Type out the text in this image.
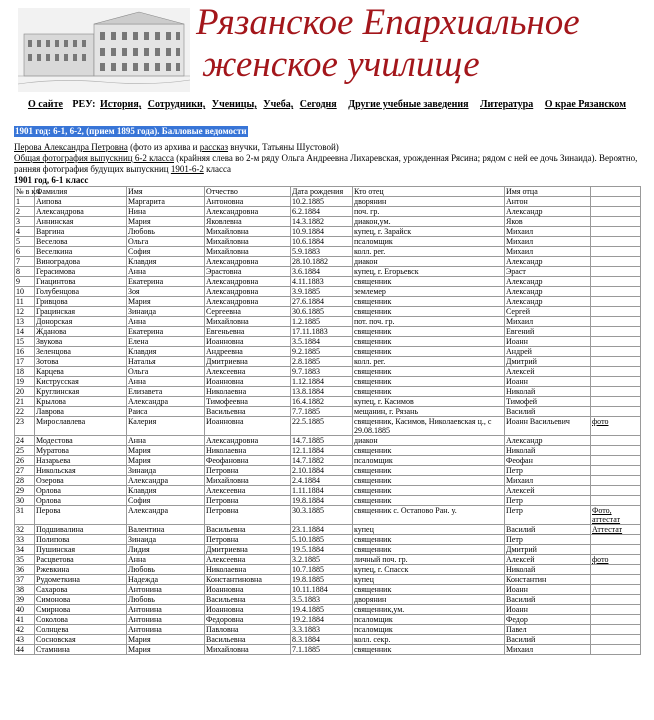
Рязанское Епархиальное
женское училище
О сайте РЕУ: История, Сотрудники, Ученицы, Учеба, Сегодня Другие учебные заведения Литература О крае Рязанском

1901 год: 6-1, 6-2, (прием 1895 года). Балловые ведомости

Перова Александра Петровна (фото из архива и рассказ внучки, Татьяны Шустовой)

Общая фотография выпускниц 6-2 класса (крайняя слева во 2-м ряду Ольга Андреевна Лихаревская, урожденная Рясина; рядом с ней ее дочь Зинаида). Вероятно, ранняя фотография будущих выпускниц 1901-6-2 класса

1901 год, 6-1 класс

№ в кл.	Фамилия	Имя	Отчество	Дата рождения	Кто отец	Имя отца	
1	Аипова	Маргарита	Антоновна	10.2.1885	дворянин	Антон	
2	Александрова	Нина	Александровна	6.2.1884	поч. гр.	Александр	
3	Аннинская	Мария	Яковлевна	14.3.1882	диакон,ум.	Яков	
4	Варгина	Любовь	Михайловна	10.9.1884	купец, г. Зарайск	Михаил	
5	Веселова	Ольга	Михайловна	10.6.1884	псаломщик	Михаил	
6	Веселкина	София	Михайловна	5.9.1883	колл. рег.	Михаил	
7	Виноградова	Клавдия	Александровна	28.10.1882	диакон	Александр	
8	Герасимова	Анна	Эрастовна	3.6.1884	купец, г. Егорьевск	Эраст	
9	Гиацинтова	Екатерина	Александровна	4.11.1883	священник	Александр	
10	Голубенцова	Зоя	Александровна	3.9.1885	землемер	Александр	
11	Гривцова	Мария	Александровна	27.6.1884	священник	Александр	
12	Грацинская	Зинаида	Сергеевна	30.6.1885	священник	Сергей	
13	Донорская	Анна	Михайловна	1.2.1885	пот. поч. гр.	Михаил	
14	Жданова	Екатерина	Евгеньевна	17.11.1883	священник	Евгений	
15	Звукова	Елена	Иоанновна	3.5.1884	священник	Иоанн	
16	Зеленцова	Клавдия	Андреевна	9.2.1885	священник	Андрей	
17	Зотова	Наталья	Дмитриевна	2.8.1885	колл. рег.	Дмитрий	
18	Карцева	Ольга	Алексеевна	9.7.1883	священник	Алексей	
19	Киструсская	Анна	Иоанновна	1.12.1884	священник	Иоанн	
20	Круглинская	Елизавета	Николаевна	13.8.1884	священник	Николай	
21	Крылова	Александра	Тимофеевна	16.4.1882	купец, г. Касимов	Тимофей	
22	Лаврова	Раиса	Васильевна	7.7.1885	мещанин, г. Рязань	Василий	
23	Мирославлева	Калерия	Иоанновна	22.5.1885	священник, Касимов, Николаевская ц., с 29.08.1885	Иоанн Васильевич	фото
24	Модестова	Анна	Александровна	14.7.1885	диакон	Александр	
25	Муратова	Мария	Николаевна	12.1.1884	священник	Николай	
26	Назарьева	Мария	Феофановна	14.7.1882	псаломщик	Феофан	
27	Никольская	Зинаида	Петровна	2.10.1884	священник	Петр	
28	Озерова	Александра	Михайловна	2.4.1884	священник	Михаил	
29	Орлова	Клавдия	Алексеевна	1.11.1884	священник	Алексей	
30	Орлова	София	Петровна	19.8.1884	священник	Петр	
31	Перова	Александра	Петровна	30.3.1885	священник с. Остапово Ран. у.	Петр	Фото, аттестат
32	Подшивалина	Валентина	Васильевна	23.1.1884	купец	Василий	Аттестат
33	Полипова	Зинаида	Петровна	5.10.1885	священник	Петр	
34	Пушинская	Лидия	Дмитриевна	19.5.1884	священник	Дмитрий	
35	Расцветова	Анна	Алексеевна	3.2.1885	личный поч. гр.	Алексей	фото
36	Ржевкина	Любовь	Николаевна	10.7.1885	купец, г. Спасск	Николай	
37	Рудометкина	Надежда	Константиновна	19.8.1885	купец	Константин	
38	Сахарова	Антонина	Иоанновна	10.11.1884	священник	Иоанн	
39	Симонова	Любовь	Васильевна	3.5.1883	дворянин	Василий	
40	Смирнова	Антонина	Иоанновна	19.4.1885	священник,ум.	Иоанн	
41	Соколова	Антонина	Федоровна	19.2.1884	псаломщик	Федор	
42	Солнцева	Антонина	Павловна	3.3.1883	псаломщик	Павел	
43	Сосновская	Мария	Васильевна	8.3.1884	колл. секр.	Василий	
44	Стамнина	Мария	Михайловна	7.1.1885	священник	Михаил	
